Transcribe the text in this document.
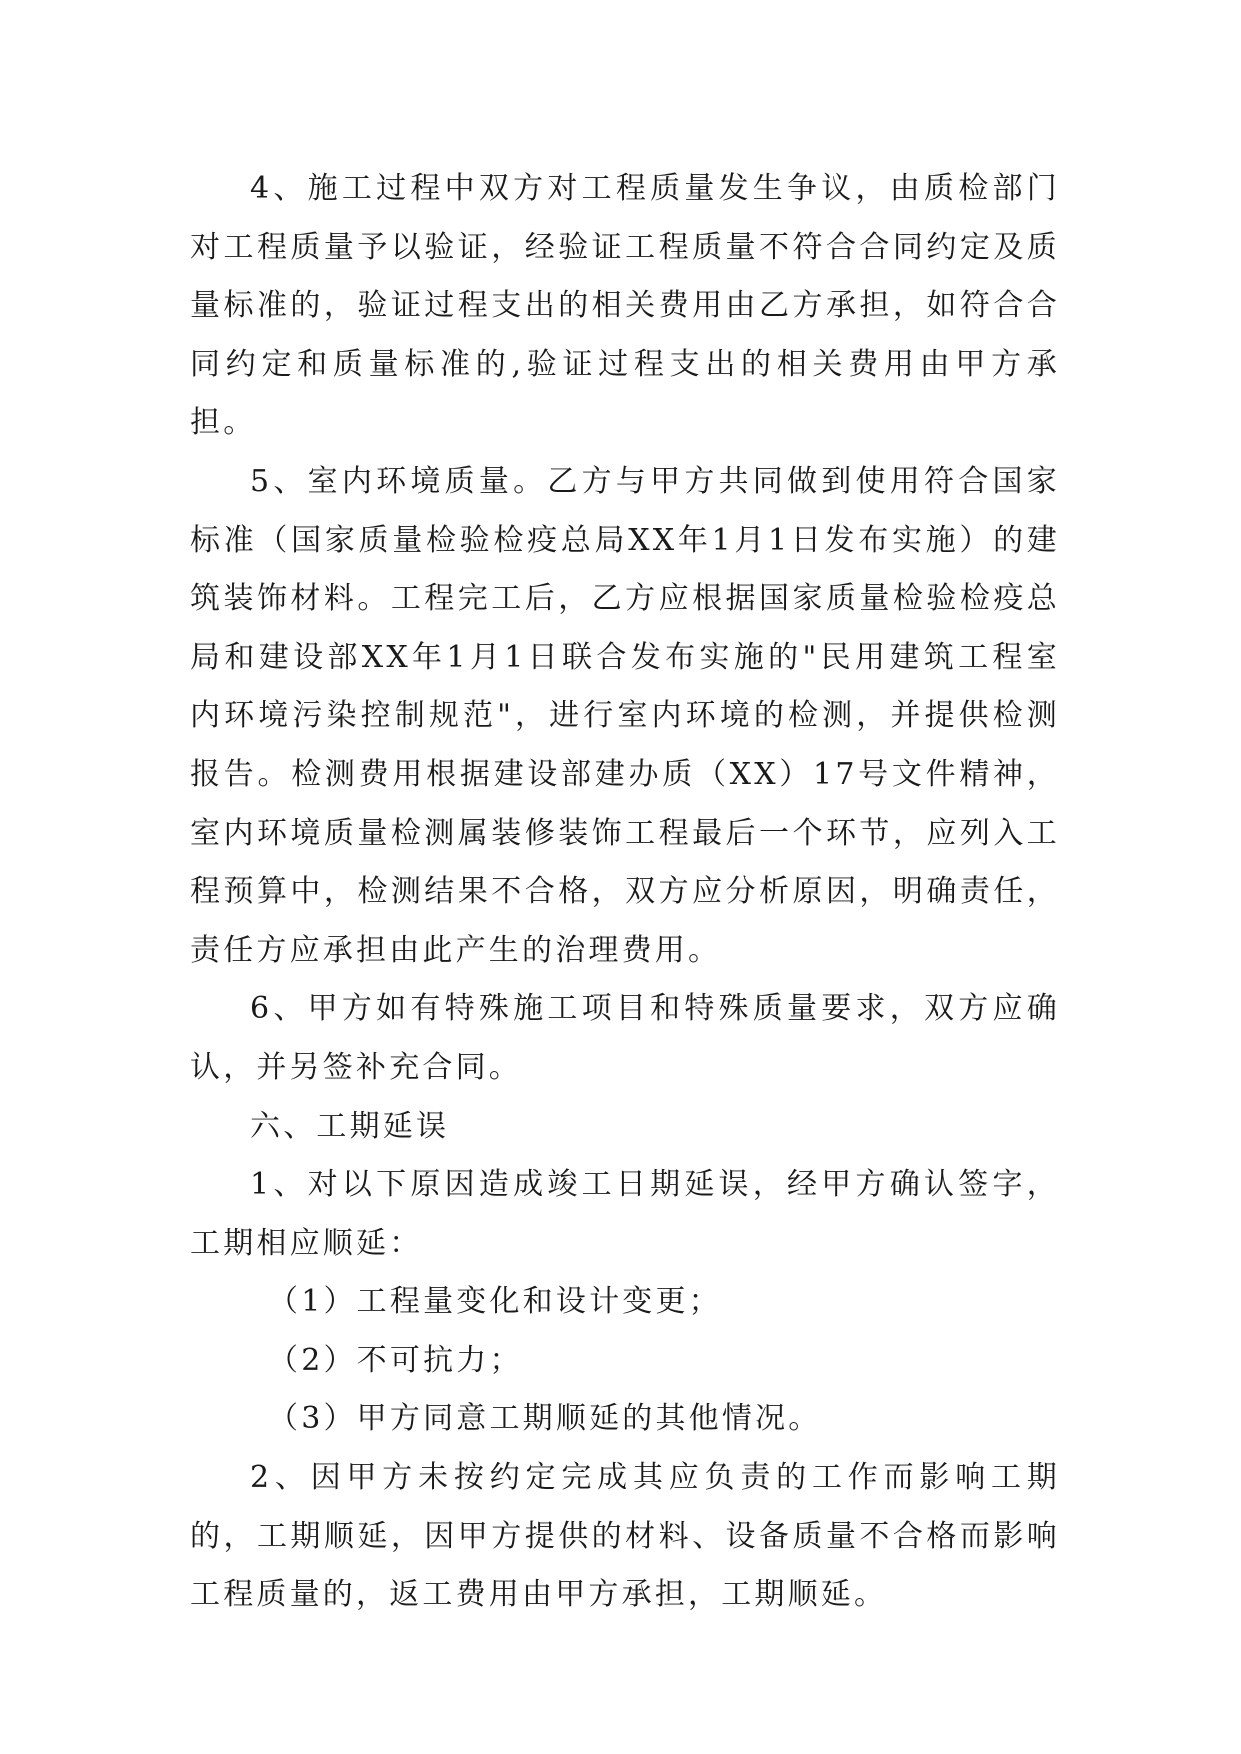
4、施工过程中双方对工程质量发生争议，由质检部门对工程质量予以验证，经验证工程质量不符合合同约定及质量标准的，验证过程支出的相关费用由乙方承担，如符合合同约定和质量标准的,验证过程支出的相关费用由甲方承担。

5、室内环境质量。乙方与甲方共同做到使用符合国家标准（国家质量检验检疫总局XX年1月1日发布实施）的建筑装饰材料。工程完工后，乙方应根据国家质量检验检疫总局和建设部XX年1月1日联合发布实施的"民用建筑工程室内环境污染控制规范"，进行室内环境的检测，并提供检测报告。检测费用根据建设部建办质（XX）17号文件精神，室内环境质量检测属装修装饰工程最后一个环节，应列入工程预算中，检测结果不合格，双方应分析原因，明确责任，责任方应承担由此产生的治理费用。

6、甲方如有特殊施工项目和特殊质量要求，双方应确认，并另签补充合同。

六、工期延误

1、对以下原因造成竣工日期延误，经甲方确认签字，工期相应顺延：

（1）工程量变化和设计变更；

（2）不可抗力；

（3）甲方同意工期顺延的其他情况。

2、因甲方未按约定完成其应负责的工作而影响工期的，工期顺延，因甲方提供的材料、设备质量不合格而影响工程质量的，返工费用由甲方承担，工期顺延。
